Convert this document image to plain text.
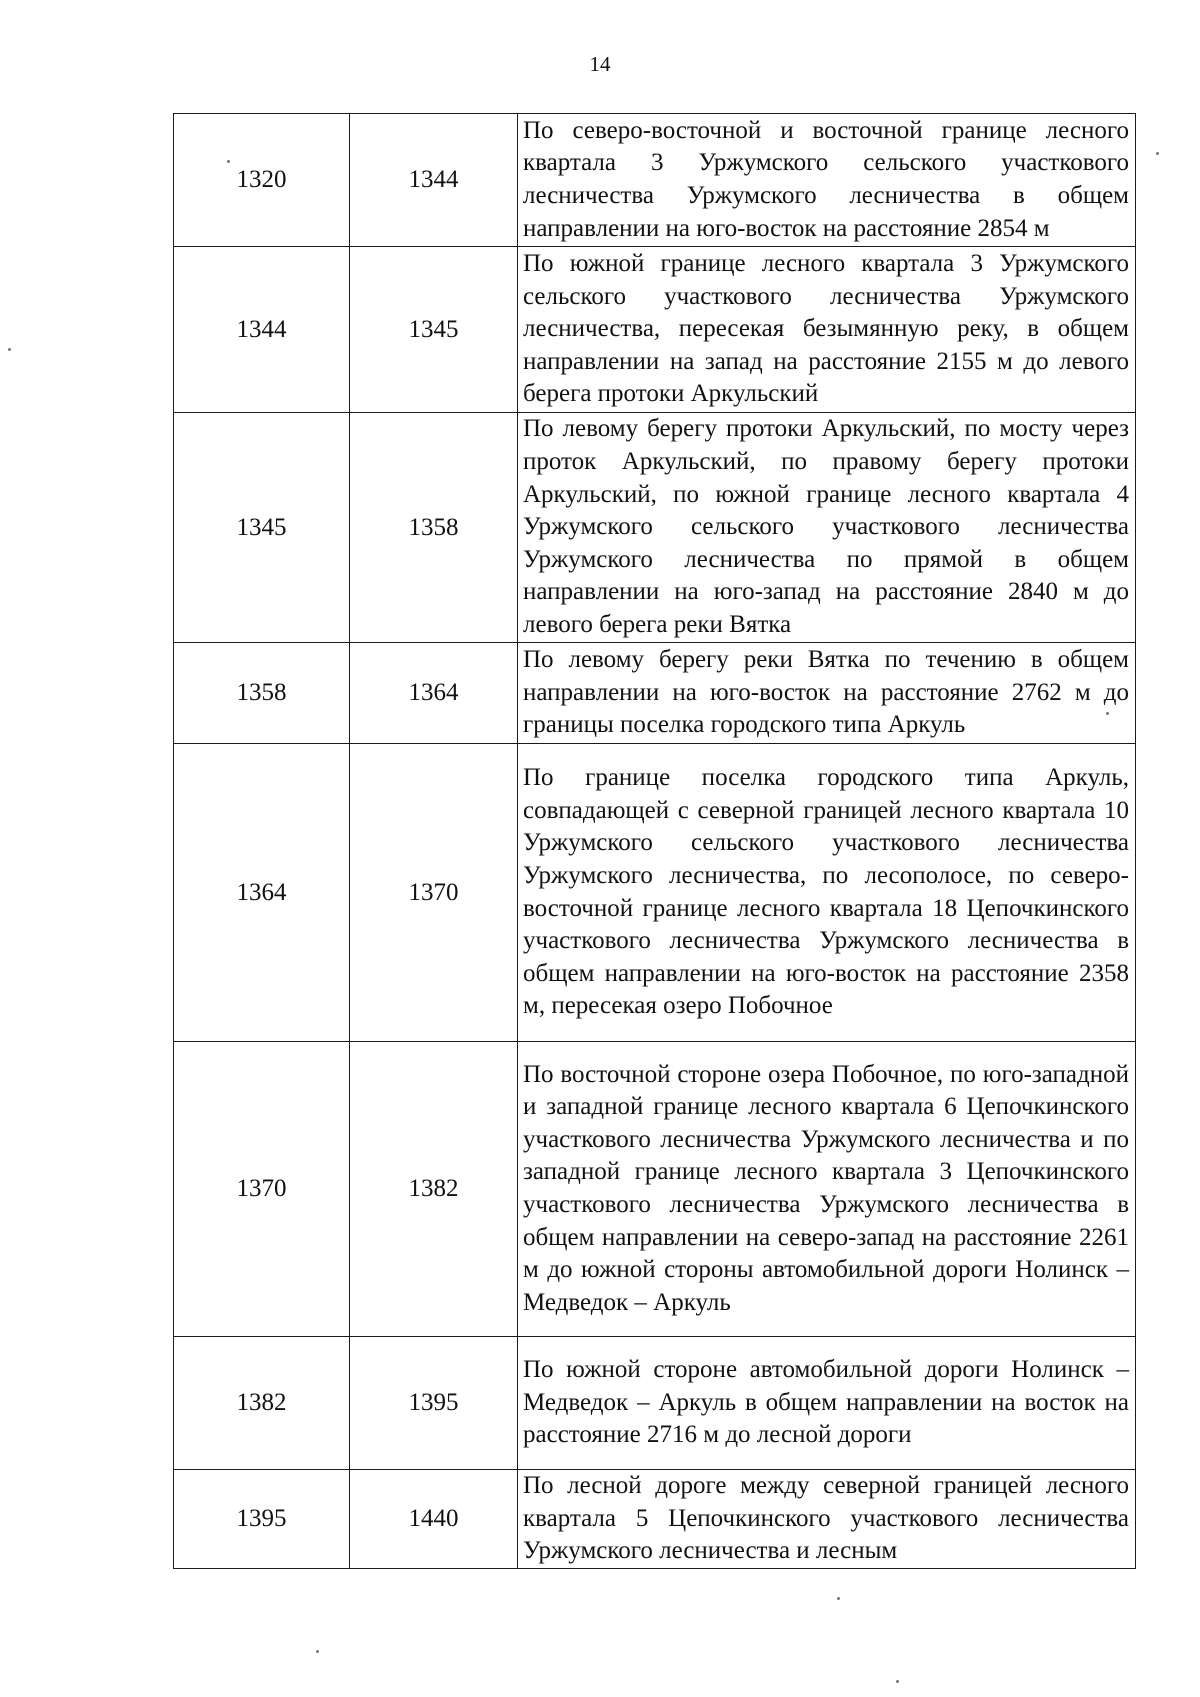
14
1320	1344	По северо-восточной и восточной границе лесного квартала 3 Уржумского сельского участкового лесничества Уржумского лесничества в общем направлении на юго-восток на расстояние 2854 м
1344	1345	По южной границе лесного квартала 3 Уржумского сельского участкового лесничества Уржумского лесничества, пересекая безымянную реку, в общем направлении на запад на расстояние 2155 м до левого берега протоки Аркульский
1345	1358	По левому берегу протоки Аркульский, по мосту через проток Аркульский, по правому берегу протоки Аркульский, по южной границе лесного квартала 4 Уржумского сельского участкового лесничества Уржумского лесничества по прямой в общем направлении на юго-запад на расстояние 2840 м до левого берега реки Вятка
1358	1364	По левому берегу реки Вятка по течению в общем направлении на юго-восток на расстояние 2762 м до границы поселка городского типа Аркуль
1364	1370	По границе поселка городского типа Аркуль, совпадающей с северной границей лесного квартала 10 Уржумского сельского участкового лесничества Уржумского лесничества, по лесополосе, по северо-восточной границе лесного квартала 18 Цепочкинского участкового лесничества Уржумского лесничества в общем направлении на юго-восток на расстояние 2358 м, пересекая озеро Побочное
1370	1382	По восточной стороне озера Побочное, по юго-западной и западной границе лесного квартала 6 Цепочкинского участкового лесничества Уржумского лесничества и по западной границе лесного квартала 3 Цепочкинского участкового лесничества Уржумского лесничества в общем направлении на северо-запад на расстояние 2261 м до южной стороны автомобильной дороги Нолинск – Медведок – Аркуль
1382	1395	По южной стороне автомобильной дороги Нолинск – Медведок – Аркуль в общем направлении на восток на расстояние 2716 м до лесной дороги
1395	1440	По лесной дороге между северной границей лесного квартала 5 Цепочкинского участкового лесничества Уржумского лесничества и лесным
